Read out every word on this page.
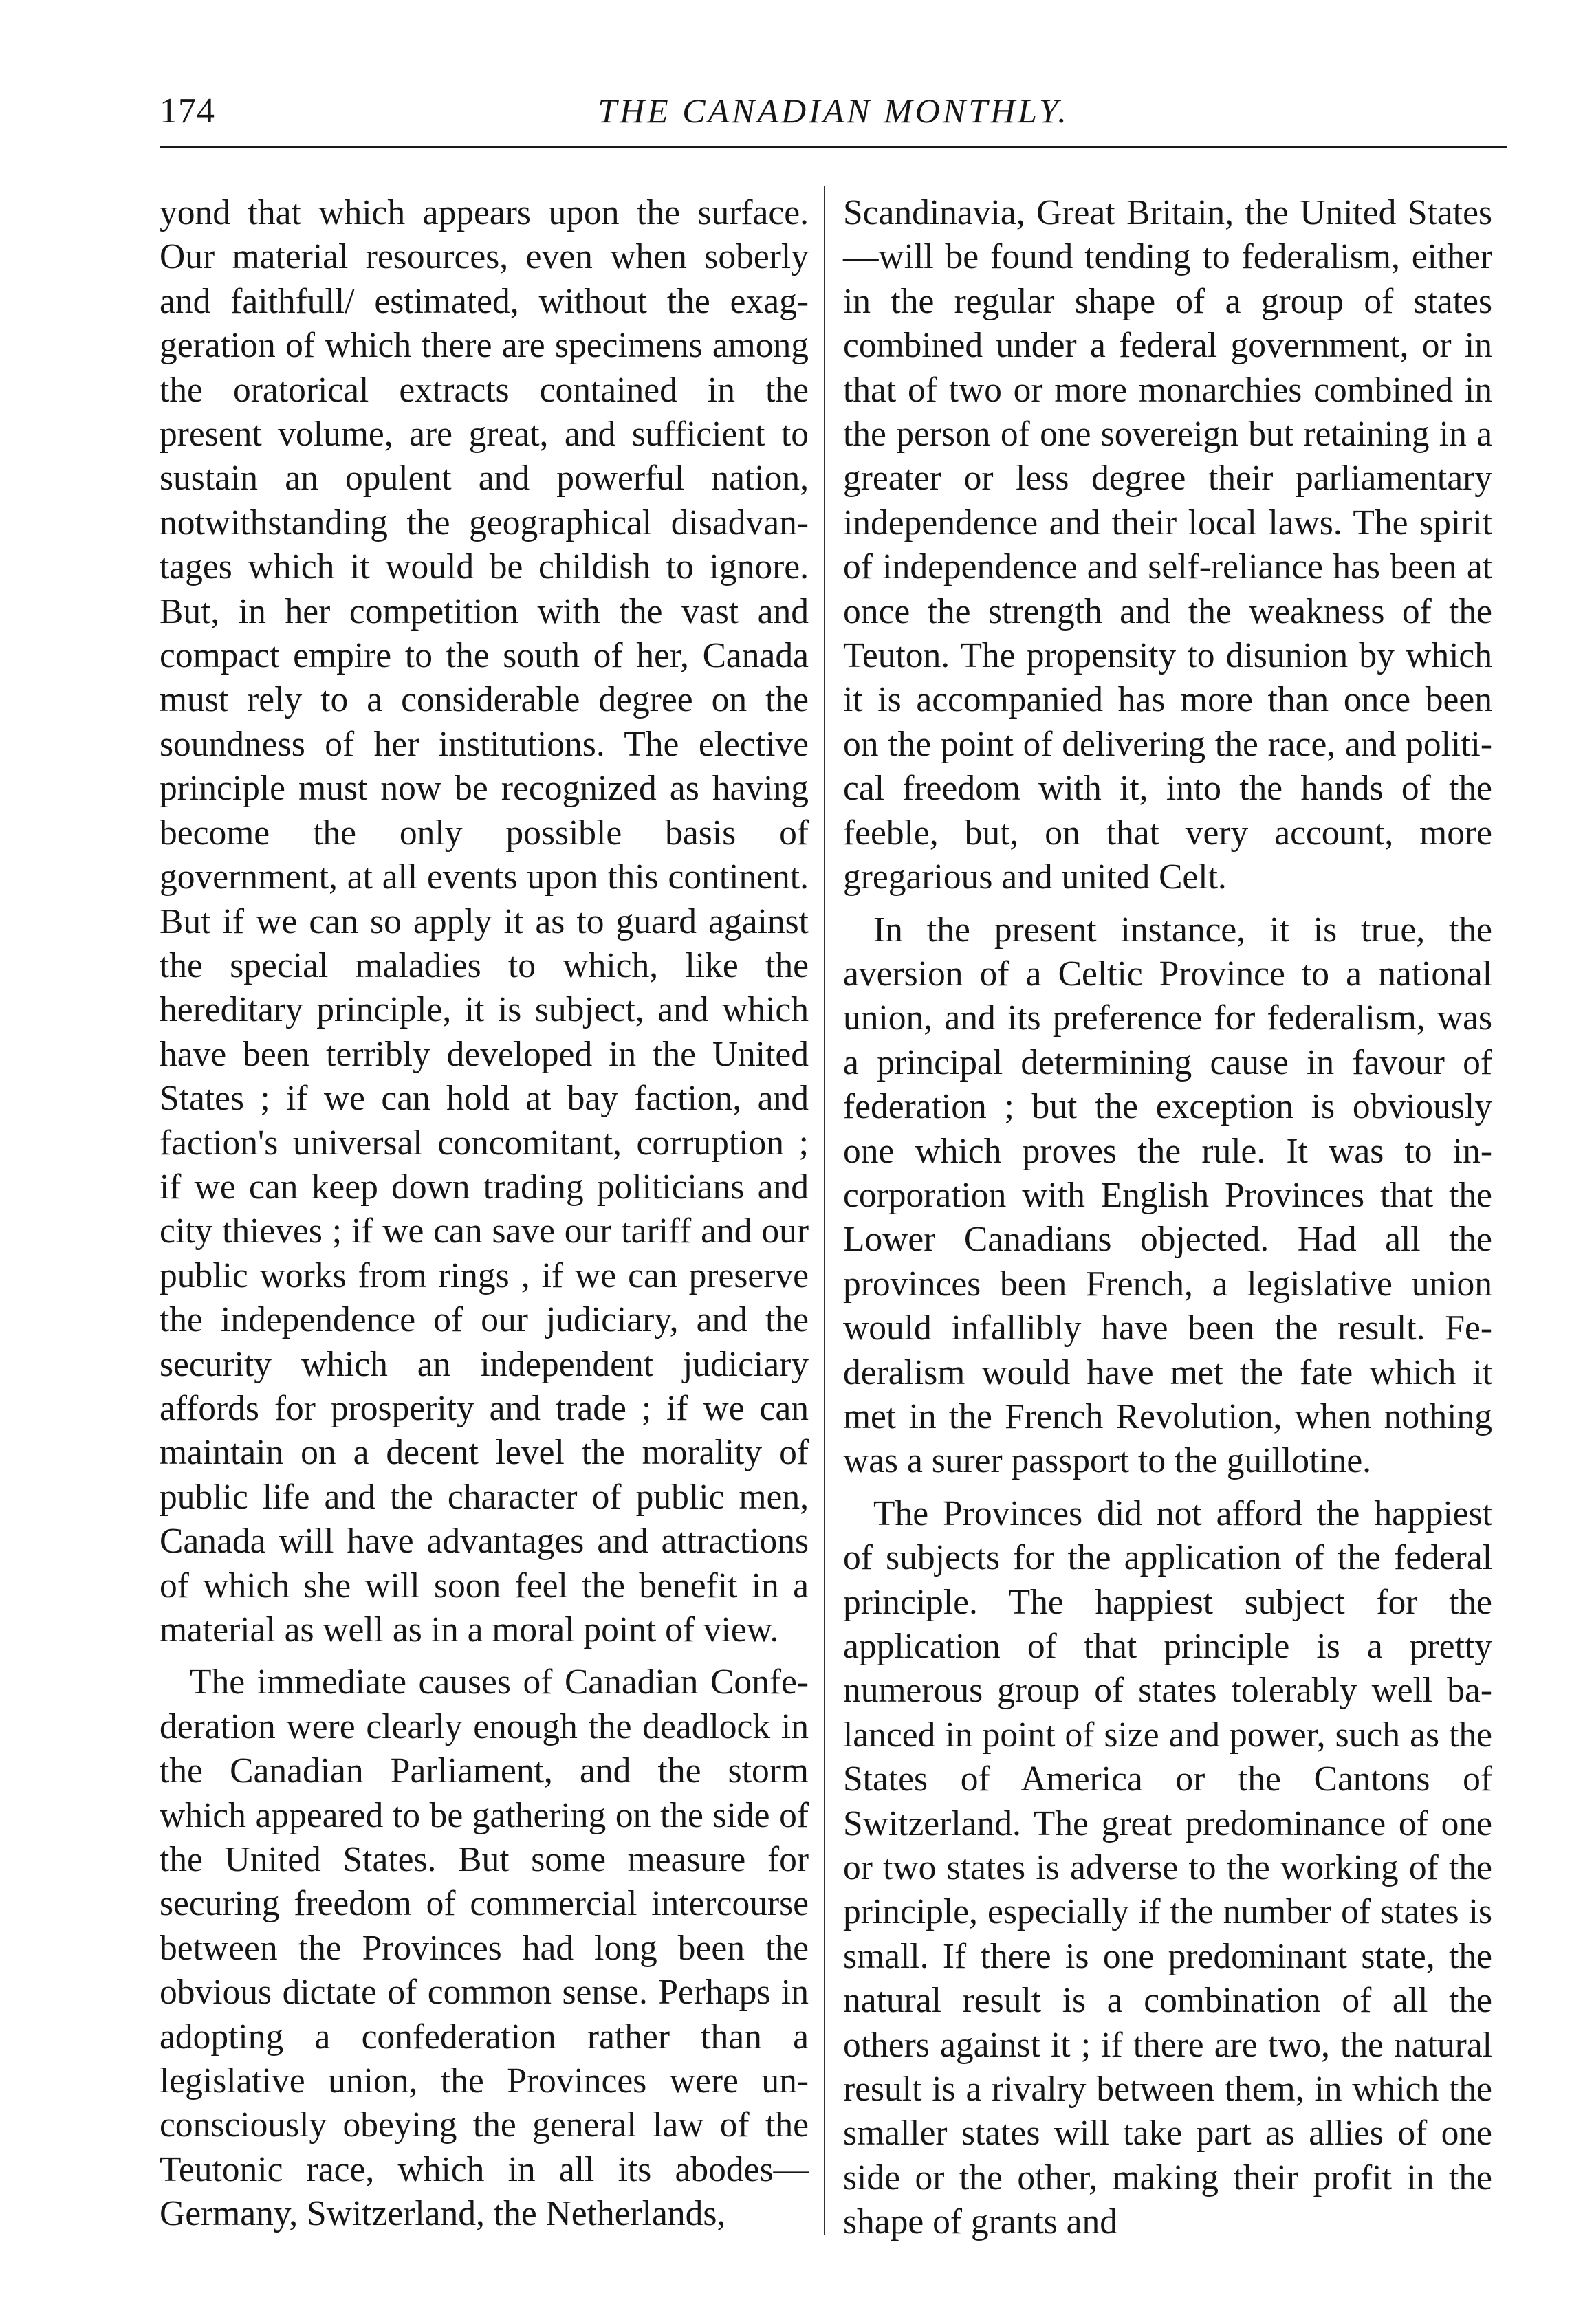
174	THE CANADIAN MONTHLY.

yond that which appears upon the surface. Our material resources, even when soberly and faithfull/ estimated, without the exaggeration of which there are specimens among the oratorical extracts contained in the present volume, are great, and sufficient to sustain an opulent and powerful nation, notwithstanding the geographical disadvantages which it would be childish to ignore. But, in her competition with the vast and compact empire to the south of her, Canada must rely to a considerable degree on the soundness of her institutions. The elective principle must now be recognized as having become the only possible basis of government, at all events upon this continent. But if we can so apply it as to guard against the special maladies to which, like the hereditary principle, it is subject, and which have been terribly developed in the United States ; if we can hold at bay faction, and faction's universal concomitant, corruption ; if we can keep down trading politicians and city thieves ; if we can save our tariff and our public works from rings , if we can preserve the independence of our judiciary, and the security which an independent judiciary affords for prosperity and trade ; if we can maintain on a decent level the morality of public life and the character of public men, Canada will have advantages and attractions of which she will soon feel the benefit in a material as well as in a moral point of view.

The immediate causes of Canadian Confederation were clearly enough the deadlock in the Canadian Parliament, and the storm which appeared to be gathering on the side of the United States. But some measure for securing freedom of commercial intercourse between the Provinces had long been the obvious dictate of common sense. Perhaps in adopting a confederation rather than a legislative union, the Provinces were unconsciously obeying the general law of the Teutonic race, which in all its abodes— Germany, Switzerland, the Netherlands,

Scandinavia, Great Britain, the United States—will be found tending to federalism, either in the regular shape of a group of states combined under a federal government, or in that of two or more monarchies combined in the person of one sovereign but retaining in a greater or less degree their parliamentary independence and their local laws. The spirit of independence and self-reliance has been at once the strength and the weakness of the Teuton. The propensity to disunion by which it is accompanied has more than once been on the point of delivering the race, and political freedom with it, into the hands of the feeble, but, on that very account, more gregarious and united Celt.

In the present instance, it is true, the aversion of a Celtic Province to a national union, and its preference for federalism, was a principal determining cause in favour of federation ; but the exception is obviously one which proves the rule. It was to incorporation with English Provinces that the Lower Canadians objected. Had all the provinces been French, a legislative union would infallibly have been the result. Federalism would have met the fate which it met in the French Revolution, when nothing was a surer passport to the guillotine.

The Provinces did not afford the happiest of subjects for the application of the federal principle. The happiest subject for the application of that principle is a pretty numerous group of states tolerably well balanced in point of size and power, such as the States of America or the Cantons of Switzerland. The great predominance of one or two states is adverse to the working of the principle, especially if the number of states is small. If there is one predominant state, the natural result is a combination of all the others against it ; if there are two, the natural result is a rivalry between them, in which the smaller states will take part as allies of one side or the other, making their profit in the shape of grants and
